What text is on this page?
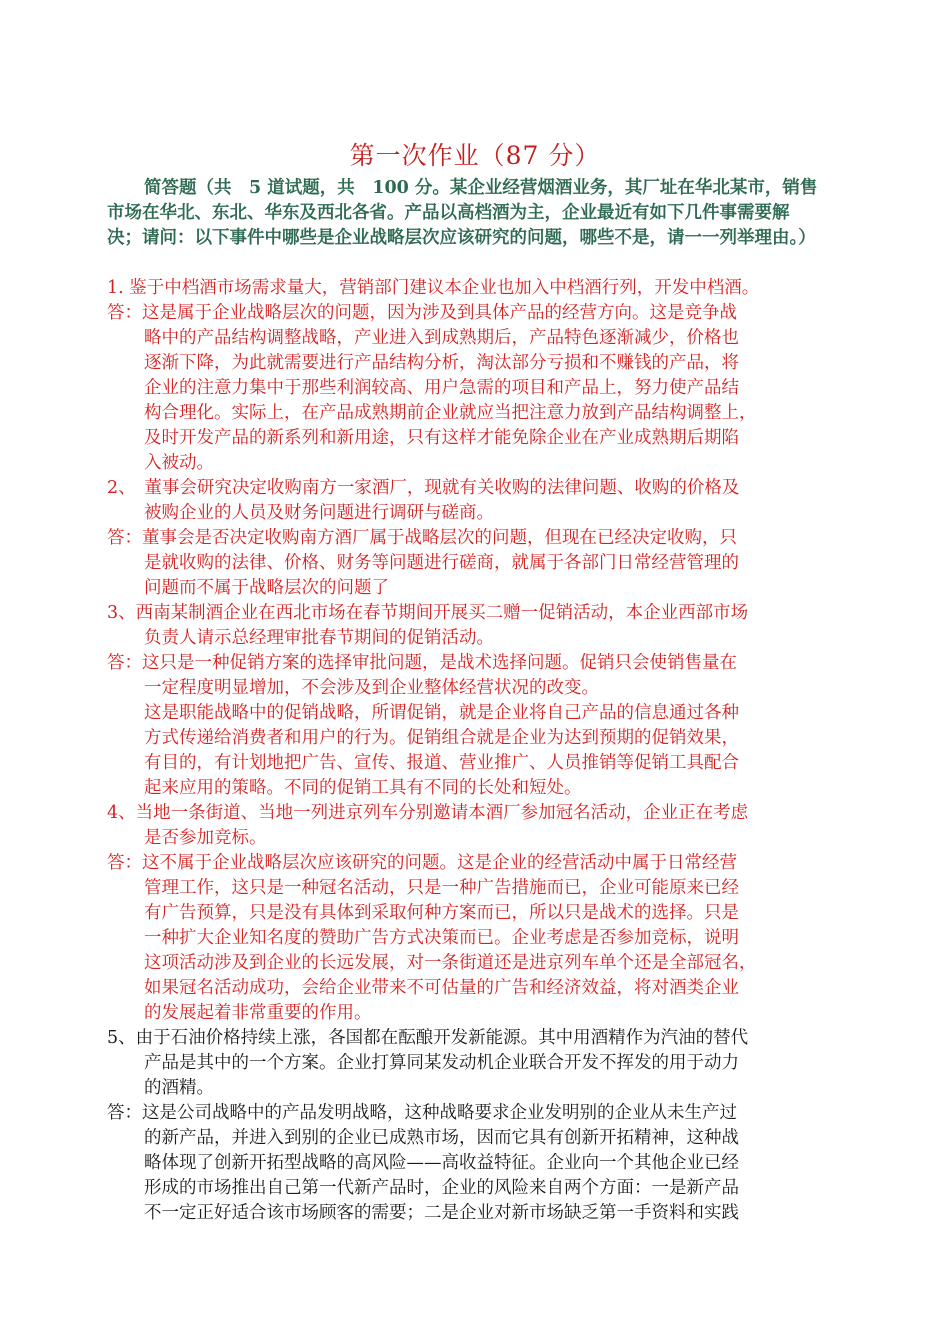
第一次作业（87 分）

简答题（共　5 道试题，共　100 分。某企业经营烟酒业务，其厂址在华北某市，销售市场在华北、东北、华东及西北各省。产品以高档酒为主，企业最近有如下几件事需要解决；请问：以下事件中哪些是企业战略层次应该研究的问题，哪些不是，请一一列举理由。）

1. 鉴于中档酒市场需求量大，营销部门建议本企业也加入中档酒行列，开发中档酒。
答：这是属于企业战略层次的问题，因为涉及到具体产品的经营方向。这是竞争战
略中的产品结构调整战略，产业进入到成熟期后，产品特色逐渐减少，价格也
逐渐下降，为此就需要进行产品结构分析，淘汰部分亏损和不赚钱的产品，将
企业的注意力集中于那些利润较高、用户急需的项目和产品上，努力使产品结
构合理化。实际上，在产品成熟期前企业就应当把注意力放到产品结构调整上，
及时开发产品的新系列和新用途，只有这样才能免除企业在产业成熟期后期陷
入被动。
2、　董事会研究决定收购南方一家酒厂，现就有关收购的法律问题、收购的价格及
被购企业的人员及财务问题进行调研与磋商。
答：董事会是否决定收购南方酒厂属于战略层次的问题，但现在已经决定收购，只
是就收购的法律、价格、财务等问题进行磋商，就属于各部门日常经营管理的
问题而不属于战略层次的问题了
3、西南某制酒企业在西北市场在春节期间开展买二赠一促销活动，本企业西部市场
负责人请示总经理审批春节期间的促销活动。
答：这只是一种促销方案的选择审批问题，是战术选择问题。促销只会使销售量在
一定程度明显增加，不会涉及到企业整体经营状况的改变。
这是职能战略中的促销战略，所谓促销，就是企业将自己产品的信息通过各种
方式传递给消费者和用户的行为。促销组合就是企业为达到预期的促销效果，
有目的，有计划地把广告、宣传、报道、营业推广、人员推销等促销工具配合
起来应用的策略。不同的促销工具有不同的长处和短处。
4、当地一条街道、当地一列进京列车分别邀请本酒厂参加冠名活动，企业正在考虑
是否参加竞标。
答：这不属于企业战略层次应该研究的问题。这是企业的经营活动中属于日常经营
管理工作，这只是一种冠名活动，只是一种广告措施而已，企业可能原来已经
有广告预算，只是没有具体到采取何种方案而已，所以只是战术的选择。只是
一种扩大企业知名度的赞助广告方式决策而已。企业考虑是否参加竞标，说明
这项活动涉及到企业的长远发展，对一条街道还是进京列车单个还是全部冠名，
如果冠名活动成功，会给企业带来不可估量的广告和经济效益，将对酒类企业
的发展起着非常重要的作用。
5、由于石油价格持续上涨，各国都在酝酿开发新能源。其中用酒精作为汽油的替代
产品是其中的一个方案。企业打算同某发动机企业联合开发不挥发的用于动力
的酒精。
答：这是公司战略中的产品发明战略，这种战略要求企业发明别的企业从未生产过
的新产品，并进入到别的企业已成熟市场，因而它具有创新开拓精神，这种战
略体现了创新开拓型战略的高风险——高收益特征。企业向一个其他企业已经
形成的市场推出自己第一代新产品时，企业的风险来自两个方面：一是新产品
不一定正好适合该市场顾客的需要；二是企业对新市场缺乏第一手资料和实践
